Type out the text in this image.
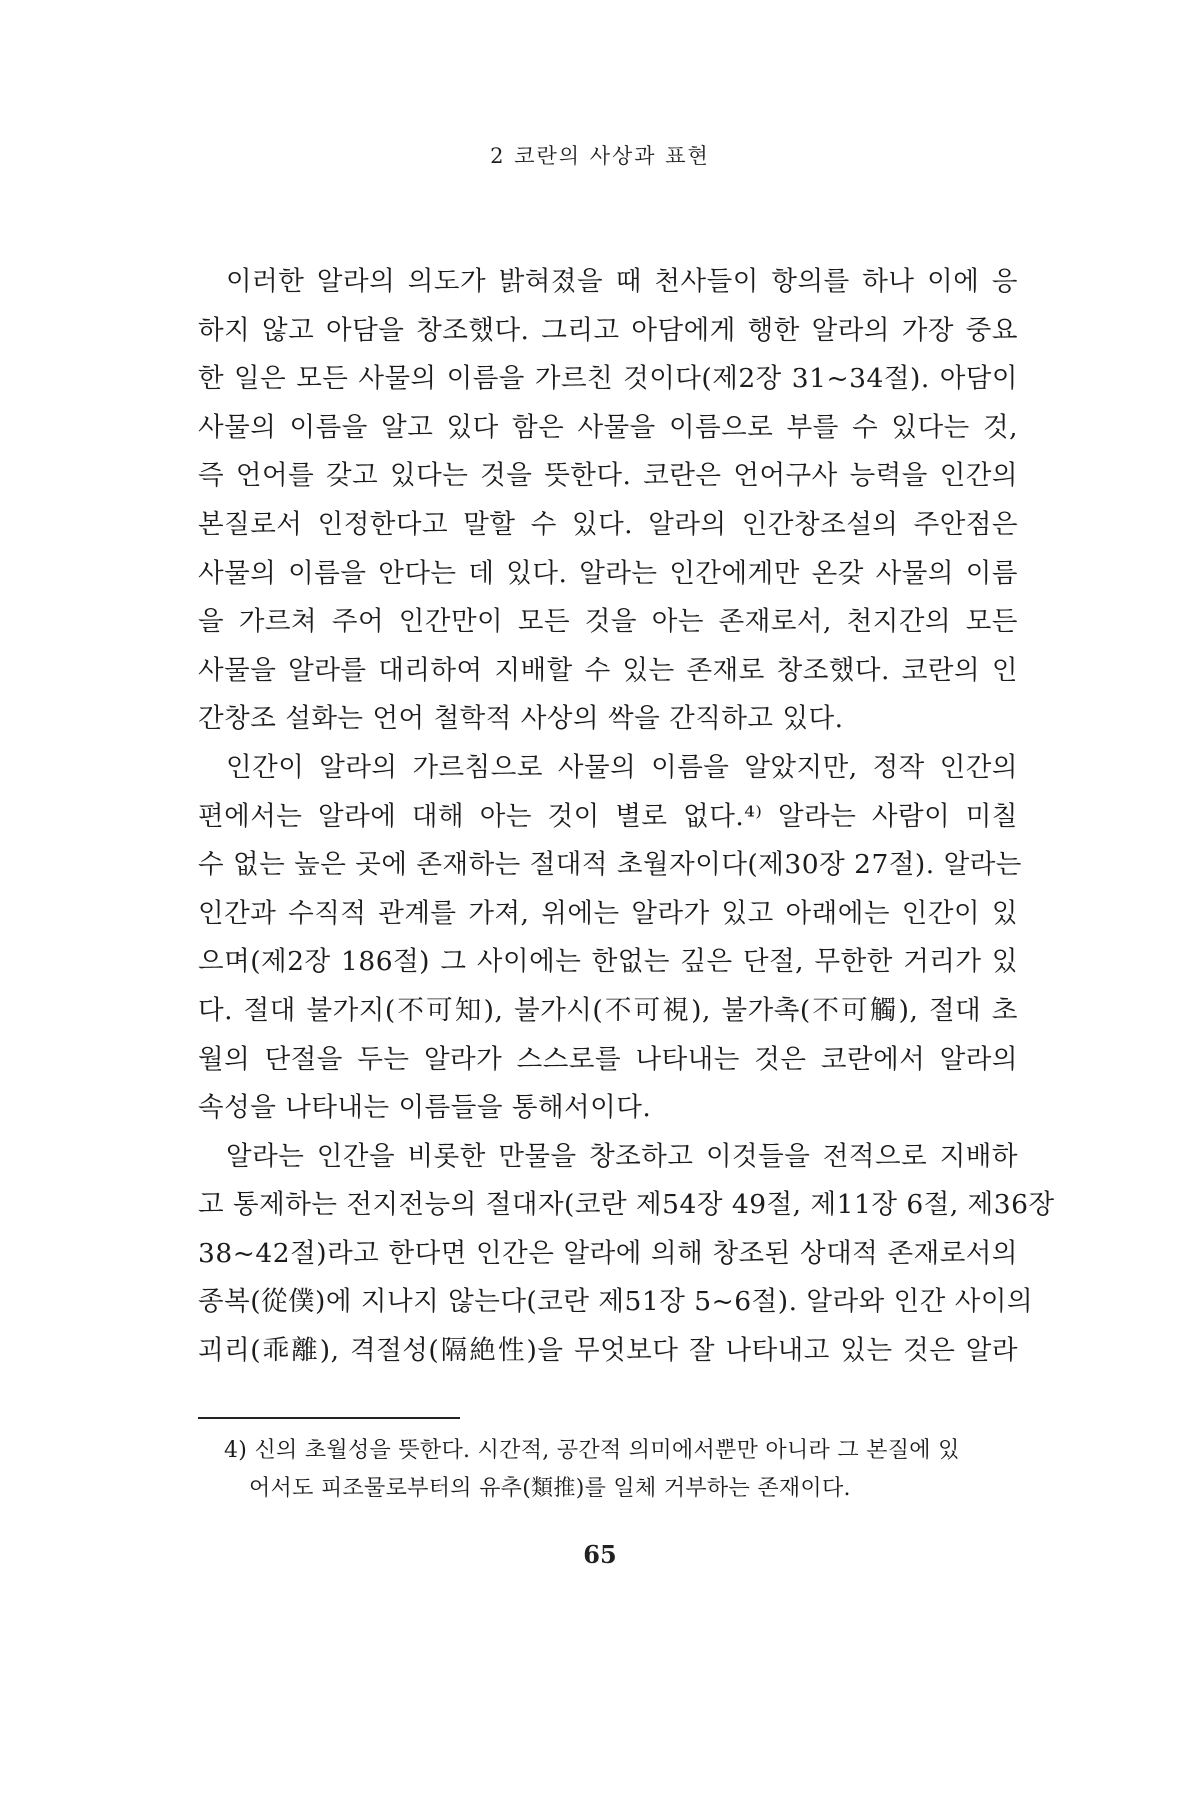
2 코란의 사상과 표현
이러한 알라의 의도가 밝혀졌을 때 천사들이 항의를 하나 이에 응
하지 않고 아담을 창조했다. 그리고 아담에게 행한 알라의 가장 중요
한 일은 모든 사물의 이름을 가르친 것이다(제2장 31~34절). 아담이
사물의 이름을 알고 있다 함은 사물을 이름으로 부를 수 있다는 것,
즉 언어를 갖고 있다는 것을 뜻한다. 코란은 언어구사 능력을 인간의
본질로서 인정한다고 말할 수 있다. 알라의 인간창조설의 주안점은
사물의 이름을 안다는 데 있다. 알라는 인간에게만 온갖 사물의 이름
을 가르쳐 주어 인간만이 모든 것을 아는 존재로서, 천지간의 모든
사물을 알라를 대리하여 지배할 수 있는 존재로 창조했다. 코란의 인
간창조 설화는 언어 철학적 사상의 싹을 간직하고 있다.
인간이 알라의 가르침으로 사물의 이름을 알았지만, 정작 인간의
편에서는 알라에 대해 아는 것이 별로 없다.⁴⁾ 알라는 사람이 미칠
수 없는 높은 곳에 존재하는 절대적 초월자이다(제30장 27절). 알라는
인간과 수직적 관계를 가져, 위에는 알라가 있고 아래에는 인간이 있
으며(제2장 186절) 그 사이에는 한없는 깊은 단절, 무한한 거리가 있
다. 절대 불가지(不可知), 불가시(不可視), 불가촉(不可觸), 절대 초
월의 단절을 두는 알라가 스스로를 나타내는 것은 코란에서 알라의
속성을 나타내는 이름들을 통해서이다.
알라는 인간을 비롯한 만물을 창조하고 이것들을 전적으로 지배하
고 통제하는 전지전능의 절대자(코란 제54장 49절, 제11장 6절, 제36장
38~42절)라고 한다면 인간은 알라에 의해 창조된 상대적 존재로서의
종복(從僕)에 지나지 않는다(코란 제51장 5~6절). 알라와 인간 사이의
괴리(乖離), 격절성(隔絶性)을 무엇보다 잘 나타내고 있는 것은 알라
4) 신의 초월성을 뜻한다. 시간적, 공간적 의미에서뿐만 아니라 그 본질에 있
어서도 피조물로부터의 유추(類推)를 일체 거부하는 존재이다.
65
